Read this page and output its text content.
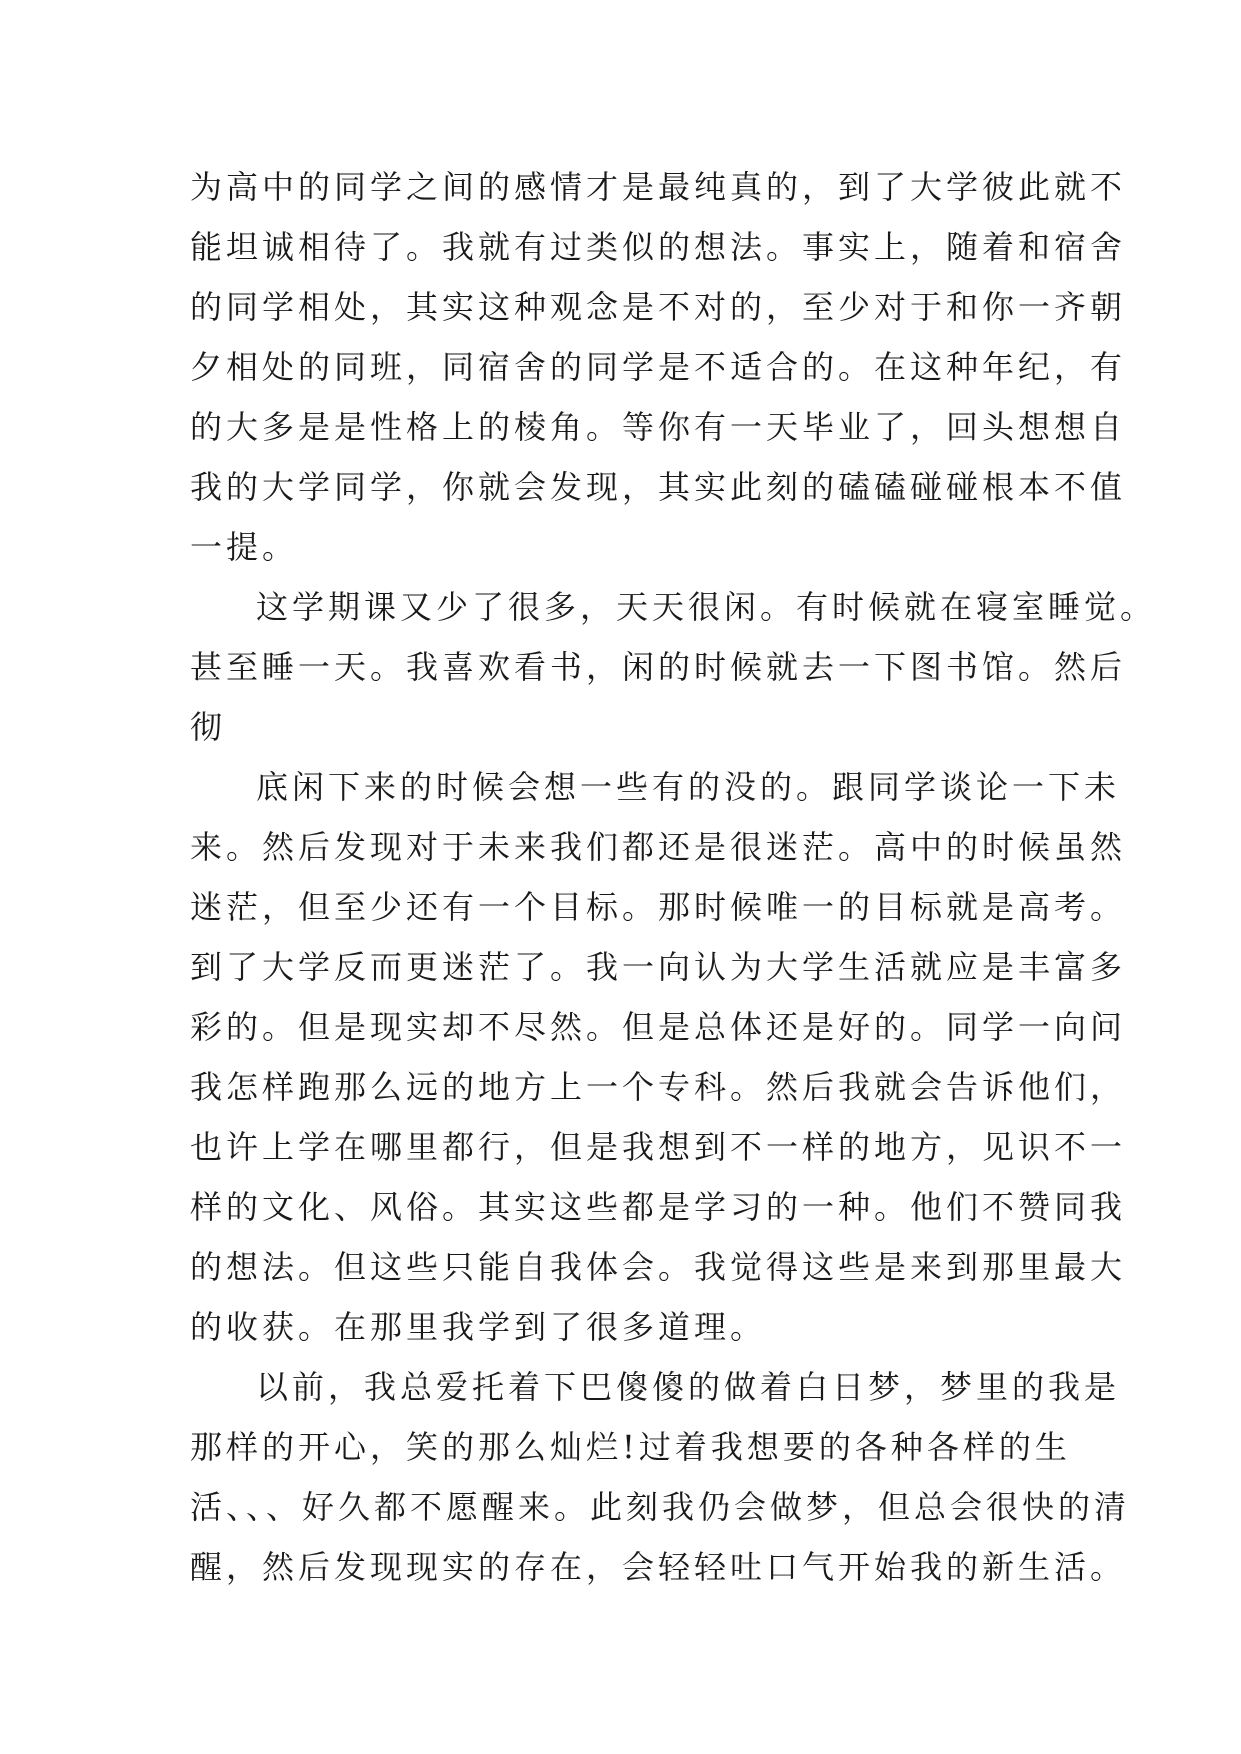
为高中的同学之间的感情才是最纯真的，到了大学彼此就不
能坦诚相待了。我就有过类似的想法。事实上，随着和宿舍
的同学相处，其实这种观念是不对的，至少对于和你一齐朝
夕相处的同班，同宿舍的同学是不适合的。在这种年纪，有
的大多是是性格上的棱角。等你有一天毕业了，回头想想自
我的大学同学，你就会发现，其实此刻的磕磕碰碰根本不值
一提。
这学期课又少了很多，天天很闲。有时候就在寝室睡觉。
甚至睡一天。我喜欢看书，闲的时候就去一下图书馆。然后
彻
底闲下来的时候会想一些有的没的。跟同学谈论一下未
来。然后发现对于未来我们都还是很迷茫。高中的时候虽然
迷茫，但至少还有一个目标。那时候唯一的目标就是高考。
到了大学反而更迷茫了。我一向认为大学生活就应是丰富多
彩的。但是现实却不尽然。但是总体还是好的。同学一向问
我怎样跑那么远的地方上一个专科。然后我就会告诉他们，
也许上学在哪里都行，但是我想到不一样的地方，见识不一
样的文化、风俗。其实这些都是学习的一种。他们不赞同我
的想法。但这些只能自我体会。我觉得这些是来到那里最大
的收获。在那里我学到了很多道理。
以前，我总爱托着下巴傻傻的做着白日梦，梦里的我是
那样的开心，笑的那么灿烂!过着我想要的各种各样的生
活、、、好久都不愿醒来。此刻我仍会做梦，但总会很快的清
醒，然后发现现实的存在，会轻轻吐口气开始我的新生活。
